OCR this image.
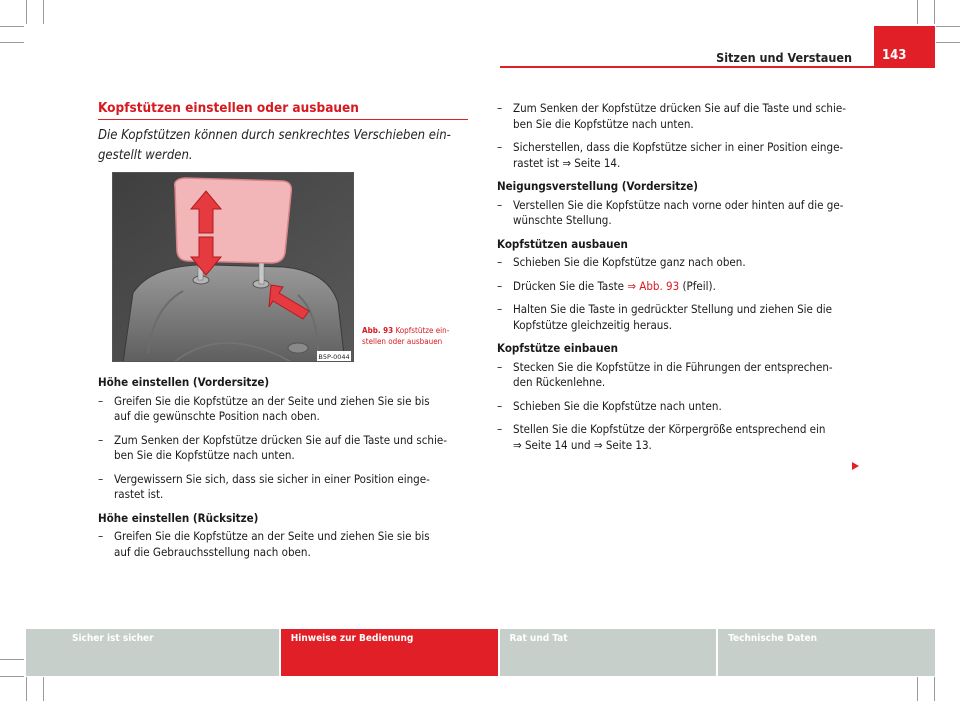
Sitzen und Verstauen	143
Kopfstützen einstellen oder ausbauen
Die Kopfstützen können durch senkrechtes Verschieben ein-
gestellt werden.
B5P-0044
Abb. 93 Kopfstütze ein-
stellen oder ausbauen
Höhe einstellen (Vordersitze)
– Greifen Sie die Kopfstütze an der Seite und ziehen Sie sie bis
auf die gewünschte Position nach oben.
– Zum Senken der Kopfstütze drücken Sie auf die Taste und schie-
ben Sie die Kopfstütze nach unten.
– Vergewissern Sie sich, dass sie sicher in einer Position einge-
rastet ist.
Höhe einstellen (Rücksitze)
– Greifen Sie die Kopfstütze an der Seite und ziehen Sie sie bis
auf die Gebrauchsstellung nach oben.
– Zum Senken der Kopfstütze drücken Sie auf die Taste und schie-
ben Sie die Kopfstütze nach unten.
– Sicherstellen, dass die Kopfstütze sicher in einer Position einge-
rastet ist ⇒ Seite 14.
Neigungsverstellung (Vordersitze)
– Verstellen Sie die Kopfstütze nach vorne oder hinten auf die ge-
wünschte Stellung.
Kopfstützen ausbauen
– Schieben Sie die Kopfstütze ganz nach oben.
– Drücken Sie die Taste ⇒ Abb. 93 (Pfeil).
– Halten Sie die Taste in gedrückter Stellung und ziehen Sie die
Kopfstütze gleichzeitig heraus.
Kopfstütze einbauen
– Stecken Sie die Kopfstütze in die Führungen der entsprechen-
den Rückenlehne.
– Schieben Sie die Kopfstütze nach unten.
– Stellen Sie die Kopfstütze der Körpergröße entsprechend ein
⇒ Seite 14 und ⇒ Seite 13.
Sicher ist sicher	Hinweise zur Bedienung	Rat und Tat	Technische Daten
